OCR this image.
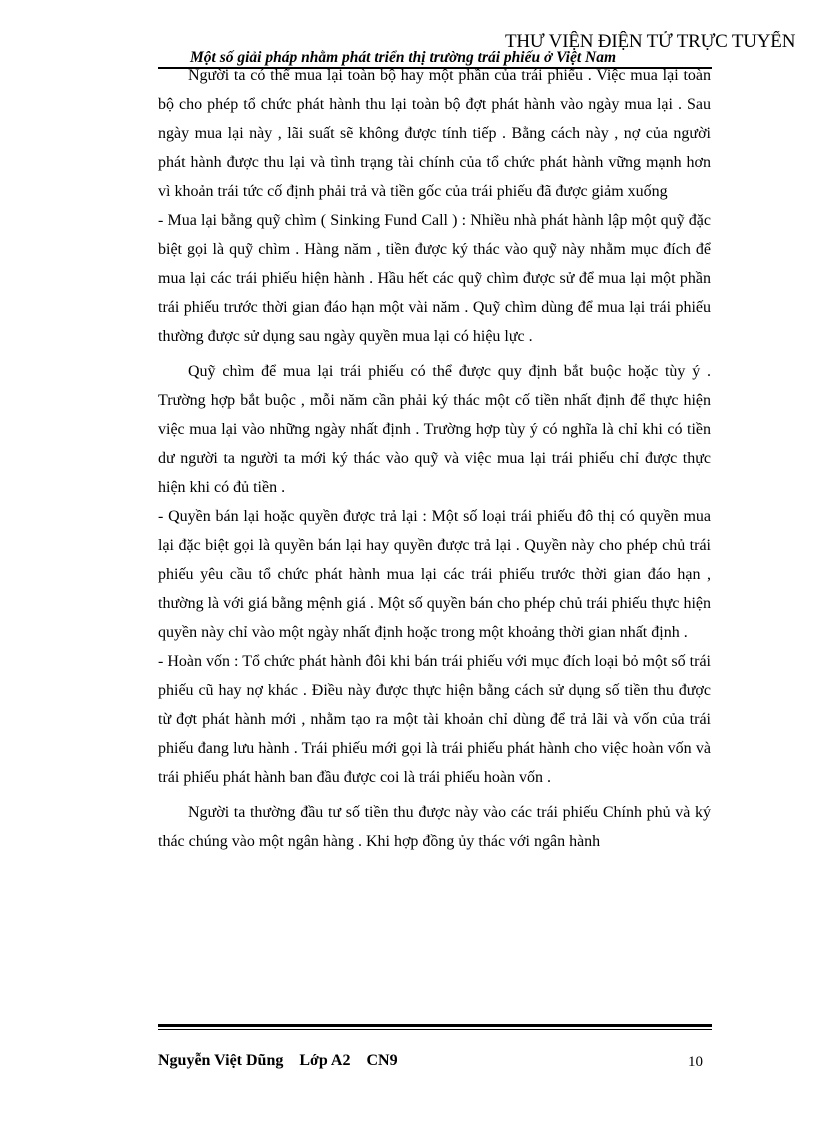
THƯ VIỆN ĐIỆN TỬ TRỰC TUYẾN
Một số giải pháp nhằm phát triển thị trường trái phiếu ở Việt Nam

Người ta có thể mua lại toàn bộ hay một phần của trái phiếu . Việc mua lại toàn bộ cho phép tổ chức phát hành thu lại toàn bộ đợt phát hành vào ngày mua lại . Sau ngày mua lại này , lãi suất sẽ không được tính tiếp . Bằng cách này , nợ của người phát hành được thu lại và tình trạng tài chính của tổ chức phát hành vững mạnh hơn vì khoản trái tức cố định phải trả và tiền gốc của trái phiếu đã được giảm xuống

- Mua lại bằng quỹ chìm ( Sinking Fund Call ) : Nhiều nhà phát hành lập một quỹ đặc biệt gọi là quỹ chìm . Hàng năm , tiền được ký thác vào quỹ này nhằm mục đích để mua lại các trái phiếu hiện hành . Hầu hết các quỹ chìm được sử để mua lại một phần trái phiếu trước thời gian đáo hạn một vài năm . Quỹ chìm dùng để mua lại trái phiếu thường được sử dụng sau ngày quyền mua lại có hiệu lực .

Quỹ chìm để mua lại trái phiếu có thể được quy định bắt buộc hoặc tùy ý . Trường hợp bắt buộc , mỗi năm cần phải ký thác một cố tiền nhất định để thực hiện việc mua lại vào những ngày nhất định . Trường hợp tùy ý có nghĩa là chỉ khi có tiền dư người ta người ta mới ký thác vào quỹ và việc mua lại trái phiếu chỉ được thực hiện khi có đủ tiền .

- Quyền bán lại hoặc quyền được trả lại : Một số loại trái phiếu đô thị có quyền mua lại đặc biệt gọi là quyền bán lại hay quyền được trả lại . Quyền này cho phép chủ trái phiếu yêu cầu tổ chức phát hành mua lại các trái phiếu trước thời gian đáo hạn , thường là với giá bằng mệnh giá . Một số quyền bán cho phép chủ trái phiếu thực hiện quyền này chỉ vào một ngày nhất định hoặc trong một khoảng thời gian nhất định .

- Hoàn vốn : Tổ chức phát hành đôi khi bán trái phiếu với mục đích loại bỏ một số trái phiếu cũ hay nợ khác . Điều này được thực hiện bằng cách sử dụng số tiền thu được từ đợt phát hành mới , nhằm tạo ra một tài khoản chỉ dùng để trả lãi và vốn của trái phiếu đang lưu hành . Trái phiếu mới gọi là trái phiếu phát hành cho việc hoàn vốn và trái phiếu phát hành ban đầu được coi là trái phiếu hoàn vốn .

Người ta thường đầu tư số tiền thu được này vào các trái phiếu Chính phủ và ký thác chúng vào một ngân hàng . Khi hợp đồng ủy thác với ngân hành

Nguyễn Việt Dũng Lớp A2 CN9	10
